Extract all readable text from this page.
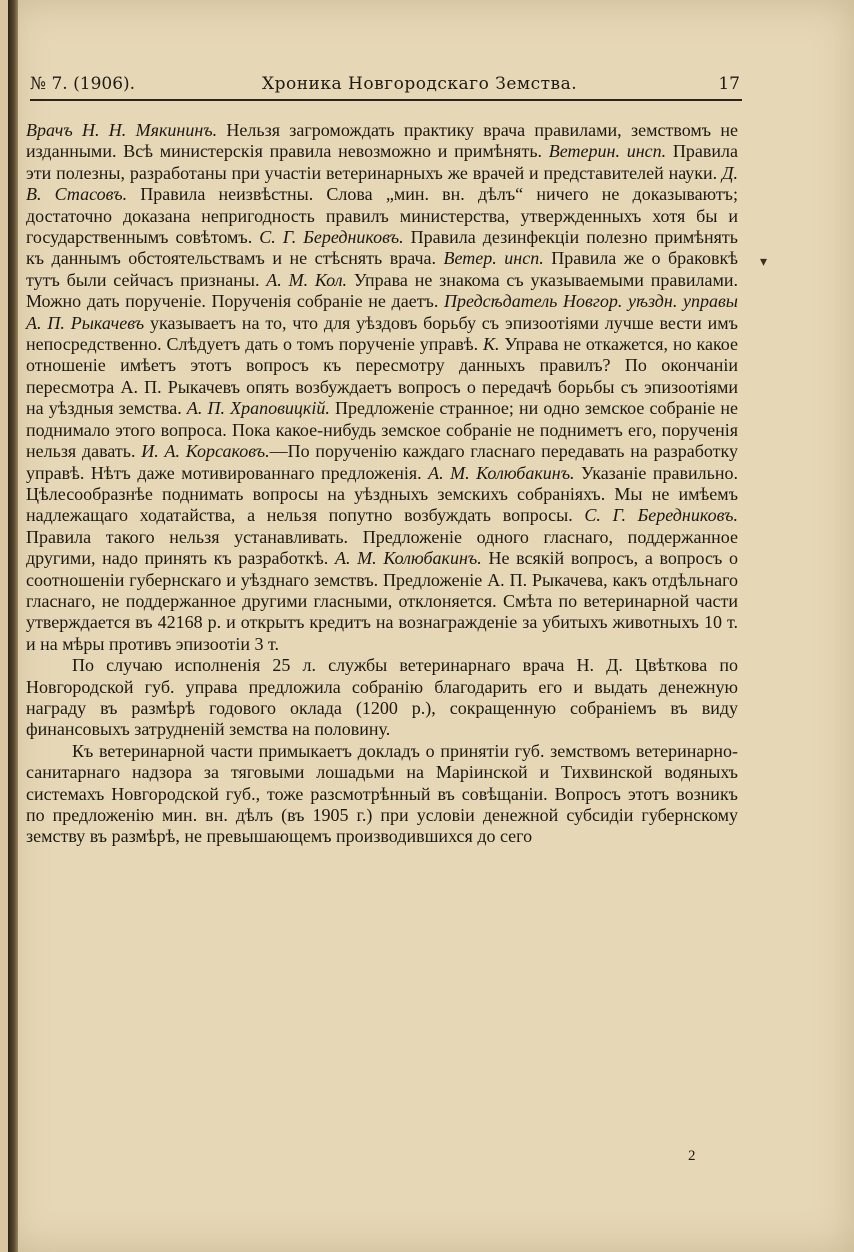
№ 7. (1906).	Хроника Новгородскаго Земства.	17
▾

Врачъ Н. Н. Мякининъ. Нельзя загромождать практику врача правилами, земствомъ не изданными. Всѣ министерскія правила невозможно и примѣнять. Ветерин. инсп. Правила эти полезны, разработаны при участіи ветеринарныхъ же врачей и представителей науки. Д. В. Стасовъ. Правила неизвѣстны. Слова „мин. вн. дѣлъ“ ничего не доказываютъ; достаточно доказана непригодность правилъ министерства, утвержденныхъ хотя бы и государственнымъ совѣтомъ. С. Г. Бередниковъ. Правила дезинфекціи полезно примѣнять къ даннымъ обстоятельствамъ и не стѣснять врача. Ветер. инсп. Правила же о браковкѣ тутъ были сейчасъ признаны. А. М. Кол. Управа не знакома съ указываемыми правилами. Можно дать порученіе. Порученія собраніе не даетъ. Предсѣдатель Новгор. уѣздн. управы А. П. Рыкачевъ указываетъ на то, что для уѣздовъ борьбу съ эпизоотіями лучше вести имъ непосредственно. Слѣдуетъ дать о томъ порученіе управѣ. К. Управа не откажется, но какое отношеніе имѣетъ этотъ вопросъ къ пересмотру данныхъ правилъ? По окончаніи пересмотра А. П. Рыкачевъ опять возбуждаетъ вопросъ о передачѣ борьбы съ эпизоотіями на уѣздныя земства. А. П. Храповицкій. Предложеніе странное; ни одно земское собраніе не поднимало этого вопроса. Пока какое-нибудь земское собраніе не подниметъ его, порученія нельзя давать. И. А. Корсаковъ.—По порученію каждаго гласнаго передавать на разработку управѣ. Нѣтъ даже мотивированнаго предложенія. А. М. Колюбакинъ. Указаніе правильно. Цѣлесообразнѣе поднимать вопросы на уѣздныхъ земскихъ собраніяхъ. Мы не имѣемъ надлежащаго ходатайства, а нельзя попутно возбуждать вопросы. С. Г. Бередниковъ. Правила такого нельзя устанавливать. Предложеніе одного гласнаго, поддержанное другими, надо принять къ разработкѣ. А. М. Колюбакинъ. Не всякій вопросъ, а вопросъ о соотношеніи губернскаго и уѣзднаго земствъ. Предложеніе А. П. Рыкачева, какъ отдѣльнаго гласнаго, не поддержанное другими гласными, отклоняется. Смѣта по ветеринарной части утверждается въ 42168 р. и открытъ кредитъ на вознагражденіе за убитыхъ животныхъ 10 т. и на мѣры противъ эпизоотіи 3 т.

По случаю исполненія 25 л. службы ветеринарнаго врача Н. Д. Цвѣткова по Новгородской губ. управа предложила собранію благодарить его и выдать денежную награду въ размѣрѣ годового оклада (1200 р.), сокращенную собраніемъ въ виду финансовыхъ затрудненій земства на половину.

Къ ветеринарной части примыкаетъ докладъ о принятіи губ. земствомъ ветеринарно-санитарнаго надзора за тяговыми лошадьми на Маріинской и Тихвинской водяныхъ системахъ Новгородской губ., тоже разсмотрѣнный въ совѣщаніи. Вопросъ этотъ возникъ по предложенію мин. вн. дѣлъ (въ 1905 г.) при условіи денежной субсидіи губернскому земству въ размѣрѣ, не превышающемъ производившихся до сего

2
